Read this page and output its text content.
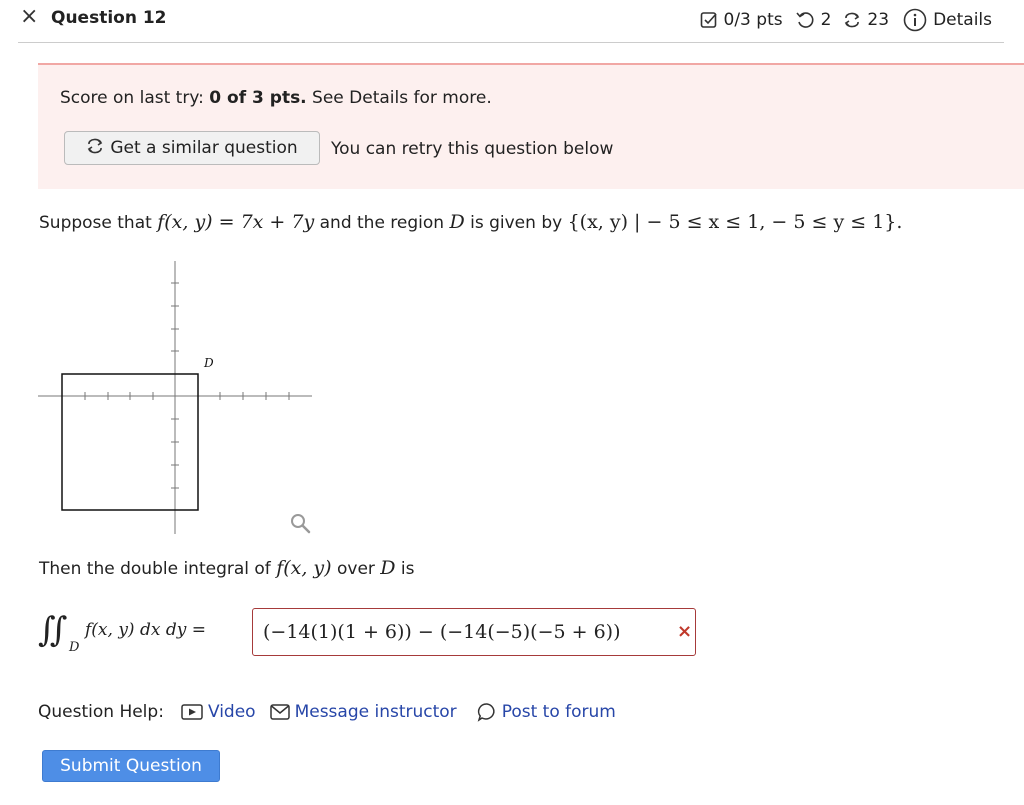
× Question 12	0/3 pts 2 23	Details
Score on last try: 0 of 3 pts. See Details for more.
Get a similar question You can retry this question below
Suppose that f(x, y) = 7x + 7y and the region D is given by {(x, y) | − 5 ≤ x ≤ 1, − 5 ≤ y ≤ 1}.
D
Then the double integral of f(x, y) over D is
∫∫ D
f(x, y) dx dy =	(−14(1)(1 + 6)) − (−14(−5)(−5 + 6))	×
Question Help:	Video Message instructor	Post to forum
Submit Question
